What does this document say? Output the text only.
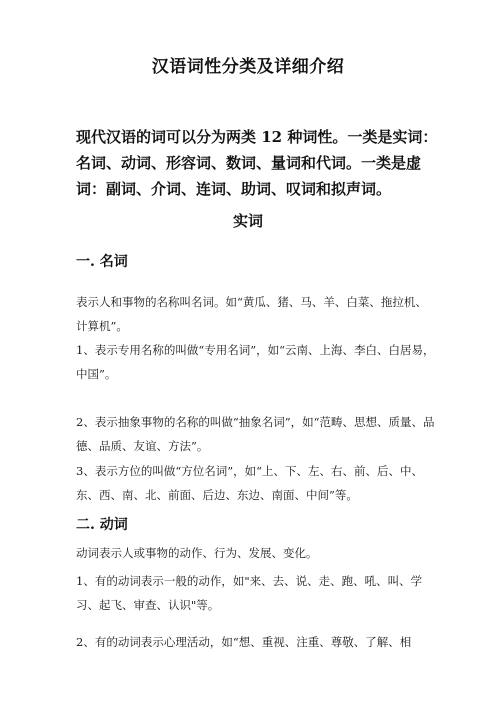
汉语词性分类及详细介绍

现代汉语的词可以分为两类 12 种词性。一类是实词：名词、动词、形容词、数词、量词和代词。一类是虚词：副词、介词、连词、助词、叹词和拟声词。

实词
一. 名词

表示人和事物的名称叫名词。如“黄瓜、猪、马、羊、白菜、拖拉机、计算机”。

1、表示专用名称的叫做“专用名词”，如“云南、上海、李白、白居易，中国”。

2、表示抽象事物的名称的叫做“抽象名词”，如“范畴、思想、质量、品德、品质、友谊、方法”。

3、表示方位的叫做“方位名词”，如“上、下、左、右、前、后、中、东、西、南、北、前面、后边、东边、南面、中间”等。

二. 动词

动词表示人或事物的动作、行为、发展、变化。

1、有的动词表示一般的动作，如"来、去、说、走、跑、吼、叫、学习、起飞、审查、认识"等。

2、有的动词表示心理活动，如“想、重视、注重、尊敬、了解、相
